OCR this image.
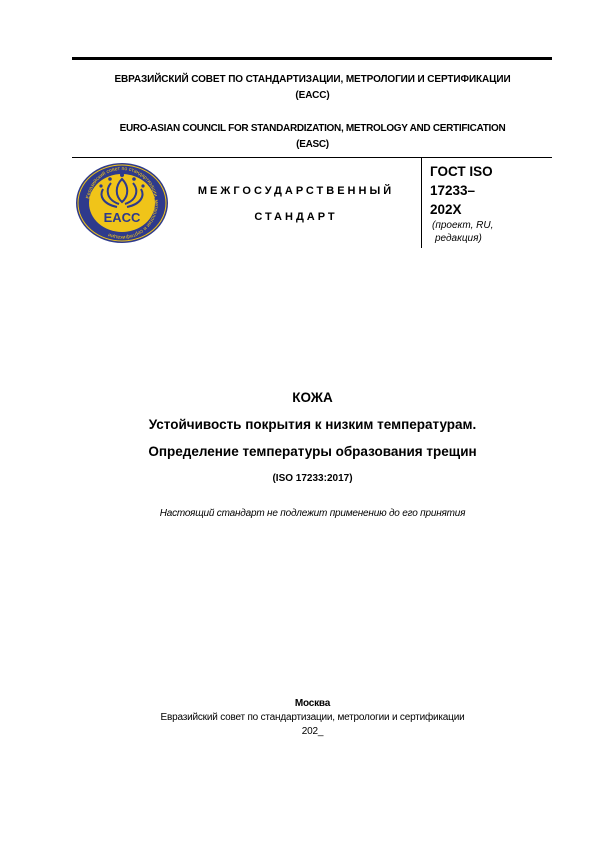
ЕВРАЗИЙСКИЙ СОВЕТ ПО СТАНДАРТИЗАЦИИ, МЕТРОЛОГИИ И СЕРТИФИКАЦИИ
(ЕАСС)
EURO-ASIAN COUNCIL FOR STANDARDIZATION, METROLOGY AND CERTIFICATION
(EASC)
Евразийский совет по стандартизации, метрологии и сертификации
EACC
МЕЖГОСУДАРСТВЕННЫЙ
СТАНДАРТ
ГОСТ ISO
17233–
202X
(проект, RU,
редакция)
КОЖА
Устойчивость покрытия к низким температурам.
Определение температуры образования трещин
(ISO 17233:2017)
Настоящий стандарт не подлежит применению до его принятия
Москва
Евразийский совет по стандартизации, метрологии и сертификации
202_
